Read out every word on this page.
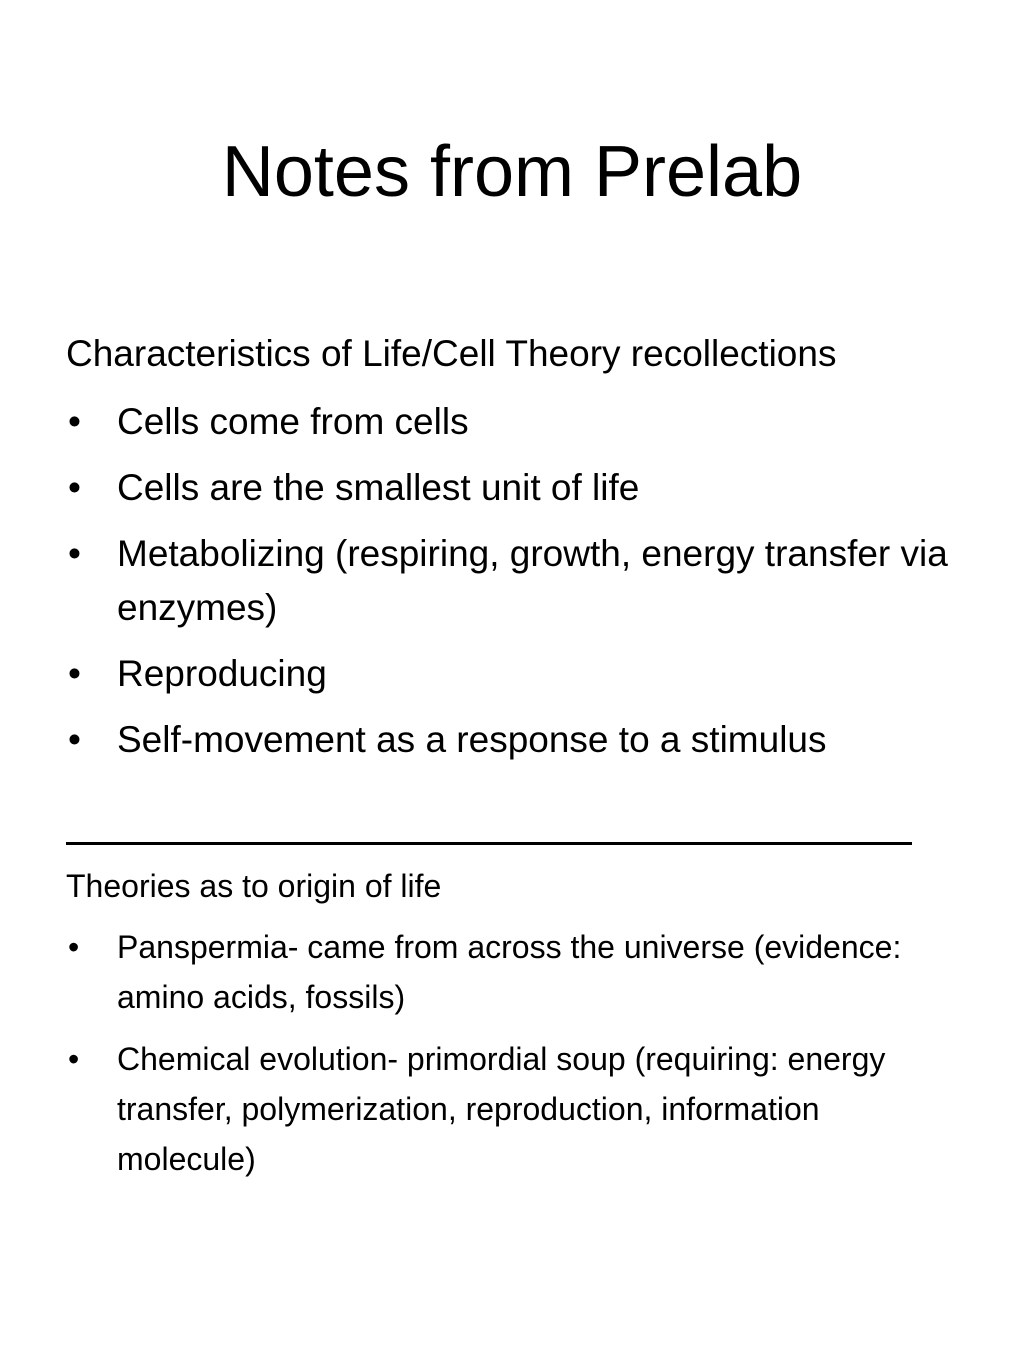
Notes from Prelab
Characteristics of Life/Cell Theory recollections
• Cells come from cells
• Cells are the smallest unit of life
• Metabolizing (respiring, growth, energy transfer via enzymes)
• Reproducing
• Self-movement as a response to a stimulus
Theories as to origin of life
• Panspermia- came from across the universe (evidence: amino acids, fossils)
• Chemical evolution- primordial soup (requiring: energy transfer, polymerization, reproduction, information molecule)
